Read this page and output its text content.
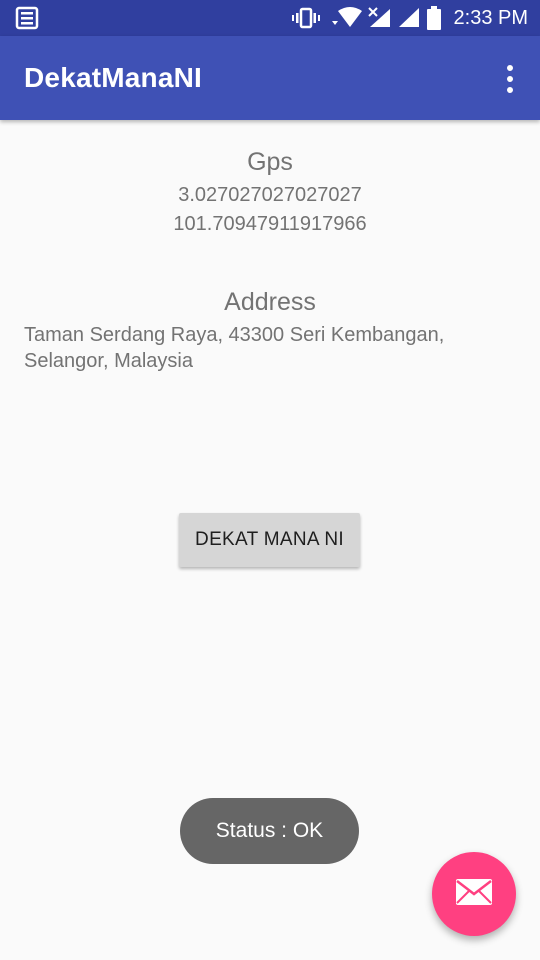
2:33 PM
DekatManaNI
Gps
3.027027027027027
101.70947911917966
Address
Taman Serdang Raya, 43300 Seri Kembangan, Selangor, Malaysia
DEKAT MANA NI
Status : OK
